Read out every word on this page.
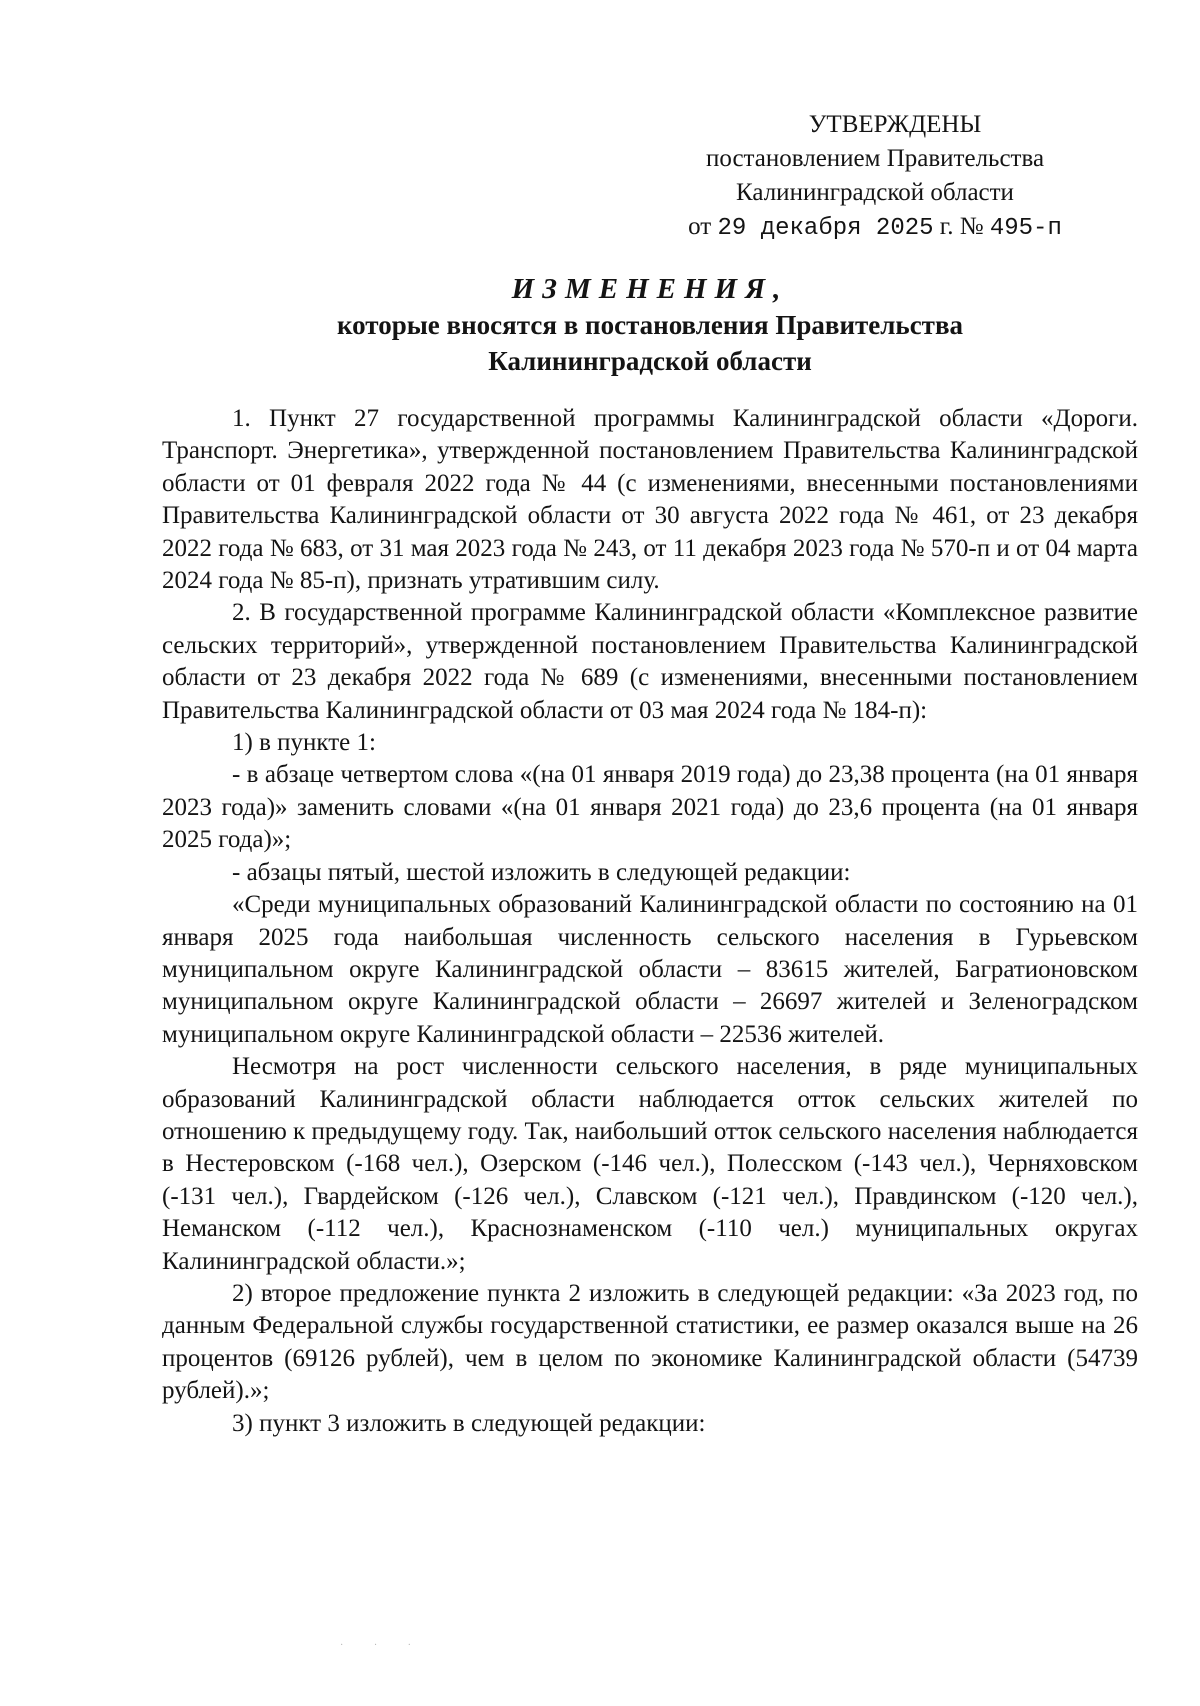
УТВЕРЖДЕНЫ
постановлением Правительства
Калининградской области
от 29 декабря 2025 г. № 495-п
ИЗМЕНЕНИЯ,
которые вносятся в постановления Правительства
Калининградской области

1. Пункт 27 государственной программы Калининградской области «Дороги. Транспорт. Энергетика», утвержденной постановлением Правительства Калининградской области от 01 февраля 2022 года № 44 (с изменениями, внесенными постановлениями Правительства Калининградской области от 30 августа 2022 года № 461, от 23 декабря 2022 года № 683, от 31 мая 2023 года № 243, от 11 декабря 2023 года № 570-п и от 04 марта 2024 года № 85-п), признать утратившим силу.

2. В государственной программе Калининградской области «Комплексное развитие сельских территорий», утвержденной постановлением Правительства Калининградской области от 23 декабря 2022 года № 689 (с изменениями, внесенными постановлением Правительства Калининградской области от 03 мая 2024 года № 184-п):

1) в пункте 1:

- в абзаце четвертом слова «(на 01 января 2019 года) до 23,38 процента (на 01 января 2023 года)» заменить словами «(на 01 января 2021 года) до 23,6 процента (на 01 января 2025 года)»;

- абзацы пятый, шестой изложить в следующей редакции:

«Среди муниципальных образований Калининградской области по состоянию на 01 января 2025 года наибольшая численность сельского населения в Гурьевском муниципальном округе Калининградской области – 83615 жителей, Багратионовском муниципальном округе Калининградской области – 26697 жителей и Зеленоградском муниципальном округе Калининградской области – 22536 жителей.

Несмотря на рост численности сельского населения, в ряде муниципальных образований Калининградской области наблюдается отток сельских жителей по отношению к предыдущему году. Так, наибольший отток сельского населения наблюдается в Нестеровском (-168 чел.), Озерском (-146 чел.), Полесском (-143 чел.), Черняховском (-131 чел.), Гвардейском (-126 чел.), Славском (-121 чел.), Правдинском (-120 чел.), Неманском (-112 чел.), Краснознаменском (-110 чел.) муниципальных округах Калининградской области.»;

2) второе предложение пункта 2 изложить в следующей редакции: «За 2023 год, по данным Федеральной службы государственной статистики, ее размер оказался выше на 26 процентов (69126 рублей), чем в целом по экономике Калининградской области (54739 рублей).»;

3) пункт 3 изложить в следующей редакции:

· · ·
